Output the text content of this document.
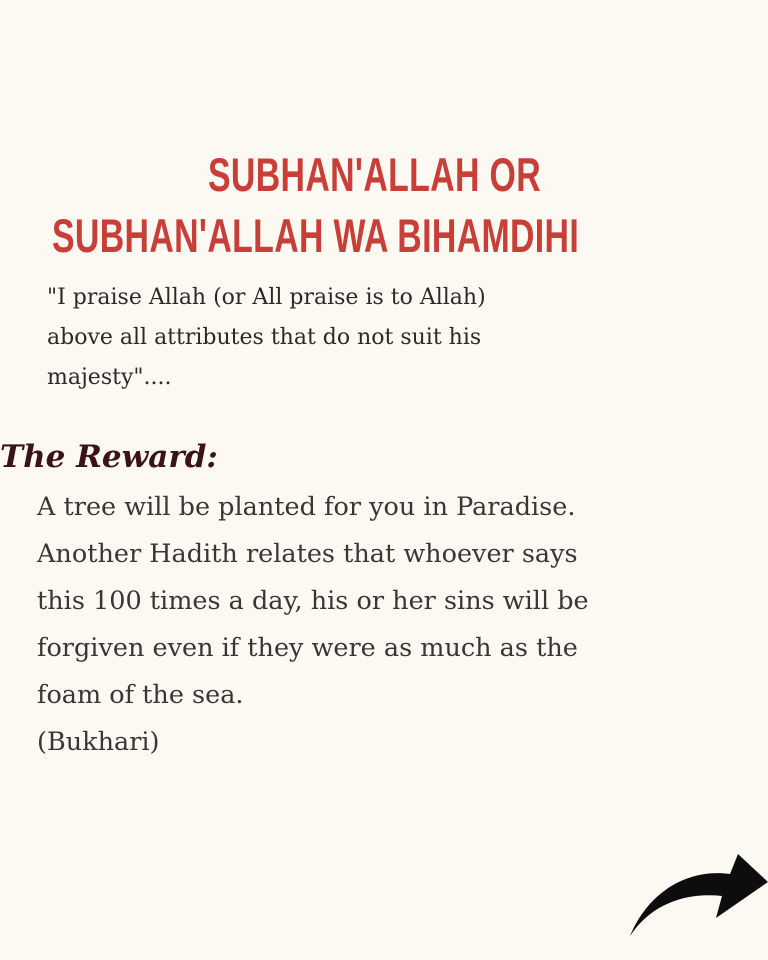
SUBHAN'ALLAH OR
SUBHAN'ALLAH WA BIHAMDIHI
"I praise Allah (or All praise is to Allah)
above all attributes that do not suit his
majesty"....
The Reward:
A tree will be planted for you in Paradise.
Another Hadith relates that whoever says
this 100 times a day, his or her sins will be
forgiven even if they were as much as the
foam of the sea.
(Bukhari)
